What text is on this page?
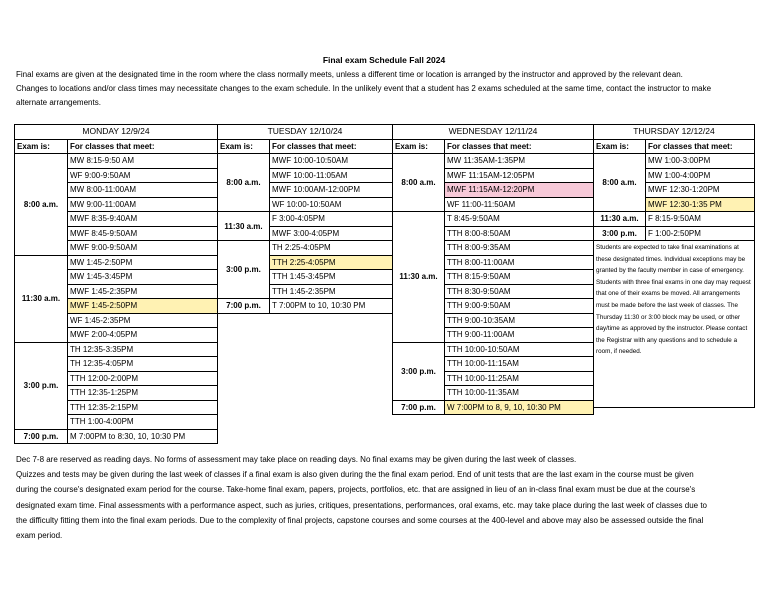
Final exam Schedule Fall 2024
Final exams are given at the designated time in the room where the class normally meets, unless a different time or location is arranged by the instructor and approved by the relevant dean. Changes to locations and/or class times may necessitate changes to the exam schedule. In the unlikely event that a student has 2 exams scheduled at the same time, contact the instructor to make alternate arrangements.
MONDAY 12/9/24	
Exam is:	For classes that meet:
8:00 a.m.	MW 8:15-9:50 AM
	WF 9:00-9:50AM
	MW 8:00-11:00AM
	MW 9:00-11:00AM
	MWF 8:35-9:40AM
	MWF 8:45-9:50AM
	MWF 9:00-9:50AM
11:30 a.m.	MW 1:45-2:50PM
	MW 1:45-3:45PM
	MWF 1:45-2:35PM
	MWF 1:45-2:50PM
	WF 1:45-2:35PM
	MWF 2:00-4:05PM
3:00 p.m.	TH 12:35-3:35PM
	TH 12:35-4:05PM
	TTH 12:00-2:00PM
	TTH 12:35-1:25PM
	TTH 12:35-2:15PM
	TTH 1:00-4:00PM
7:00 p.m.	M 7:00PM to 8:30, 10, 10:30 PM
TUESDAY 12/10/24	
Exam is:	For classes that meet:
8:00 a.m.	MWF 10:00-10:50AM
	MWF 10:00-11:05AM
	MWF 10:00AM-12:00PM
	WF 10:00-10:50AM
11:30 a.m.	F 3:00-4:05PM
	MWF 3:00-4:05PM
3:00 p.m.	TH 2:25-4:05PM
	TTH 2:25-4:05PM
	TTH 1:45-3:45PM
	TTH 1:45-2:35PM
7:00 p.m.	T 7:00PM to 10, 10:30 PM
WEDNESDAY 12/11/24	
Exam is:	For classes that meet:
8:00 a.m.	MW 11:35AM-1:35PM
	MWF 11:15AM-12:05PM
	MWF 11:15AM-12:20PM
	WF 11:00-11:50AM
11:30 a.m.	T 8:45-9:50AM
	TTH 8:00-8:50AM
	TTH 8:00-9:35AM
	TTH 8:00-11:00AM
	TTH 8:15-9:50AM
	TTH 8:30-9:50AM
	TTH 9:00-9:50AM
	TTH 9:00-10:35AM
	TTH 9:00-11:00AM
3:00 p.m.	TTH 10:00-10:50AM
	TTH 10:00-11:15AM
	TTH 10:00-11:25AM
	TTH 10:00-11:35AM
7:00 p.m.	W 7:00PM to 8, 9, 10, 10:30 PM
THURSDAY 12/12/24	
Exam is:	For classes that meet:
8:00 a.m.	MW 1:00-3:00PM
	MW 1:00-4:00PM
	MWF 12:30-1:20PM
	MWF 12:30-1:35 PM
11:30 a.m.	F 8:15-9:50AM
3:00 p.m.	F 1:00-2:50PM
Students are expected to take final examinations at these designated times. Individual exceptions may be granted by the faculty member in case of emergency. Students with three final exams in one day may request that one of their exams be moved. All arrangements must be made before the last week of classes. The Thursday 11:30 or 3:00 block may be used, or other day/time as approved by the instructor. Please contact the Registrar with any questions and to schedule a room, if needed.	
Dec 7-8 are reserved as reading days. No forms of assessment may take place on reading days. No final exams may be given during the last week of classes.
Quizzes and tests may be given during the last week of classes if a final exam is also given during the the final exam period. End of unit tests that are the last exam in the course must be given during the course's designated exam period for the course. Take-home final exam, papers, projects, portfolios, etc. that are assigned in lieu of an in-class final exam must be due at the course's designated exam time. Final assessments with a performance aspect, such as juries, critiques, presentations, performances, oral exams, etc. may take place during the last week of classes due to the difficulty fitting them into the final exam periods. Due to the complexity of final projects, capstone courses and some courses at the 400-level and above may also be assessed outside the final exam period.
